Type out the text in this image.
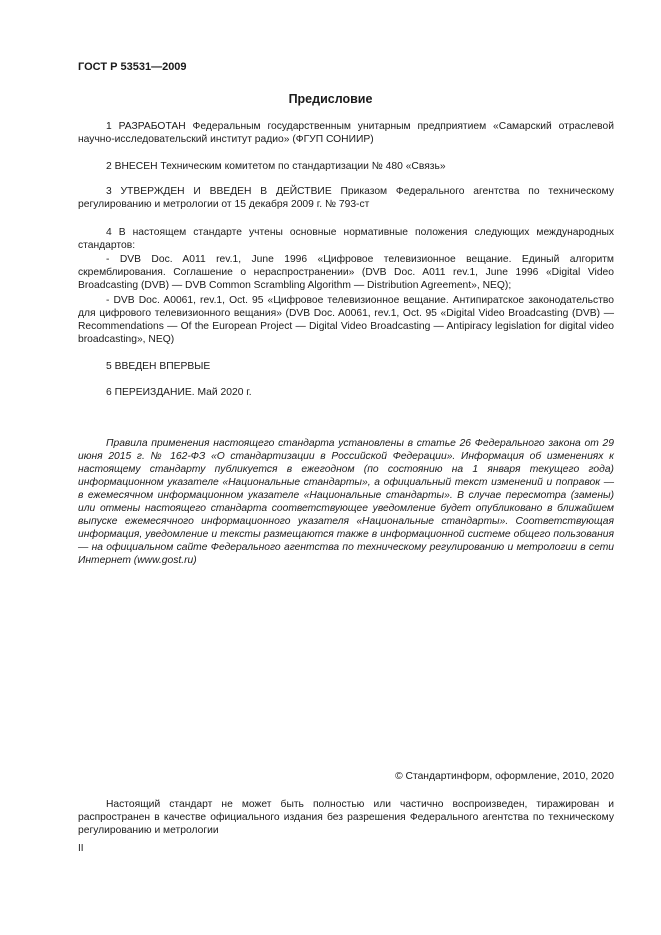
ГОСТ Р 53531—2009
Предисловие
1 РАЗРАБОТАН Федеральным государственным унитарным предприятием «Самарский отраслевой научно-исследовательский институт радио» (ФГУП СОНИИР)
2 ВНЕСЕН Техническим комитетом по стандартизации № 480 «Связь»
3 УТВЕРЖДЕН И ВВЕДЕН В ДЕЙСТВИЕ Приказом Федерального агентства по техническому регулированию и метрологии от 15 декабря 2009 г. № 793-ст
4 В настоящем стандарте учтены основные нормативные положения следующих международных стандартов:
- DVB Doc. A011 rev.1, June 1996 «Цифровое телевизионное вещание. Единый алгоритм скремблирования. Соглашение о нераспространении» (DVB Doc. A011 rev.1, June 1996 «Digital Video Broadcasting (DVB) — DVB Common Scrambling Algorithm — Distribution Agreement», NEQ);
- DVB Doc. A0061, rev.1, Oct. 95 «Цифровое телевизионное вещание. Антипиратское законодательство для цифрового телевизионного вещания» (DVB Doc. A0061, rev.1, Oct. 95 «Digital Video Broadcasting (DVB) — Recommendations — Of the European Project — Digital Video Broadcasting — Antipiracy legislation for digital video broadcasting», NEQ)
5 ВВЕДЕН ВПЕРВЫЕ
6 ПЕРЕИЗДАНИЕ. Май 2020 г.
Правила применения настоящего стандарта установлены в статье 26 Федерального закона от 29 июня 2015 г. № 162-ФЗ «О стандартизации в Российской Федерации». Информация об изменениях к настоящему стандарту публикуется в ежегодном (по состоянию на 1 января текущего года) информационном указателе «Национальные стандарты», а официальный текст изменений и поправок — в ежемесячном информационном указателе «Национальные стандарты». В случае пересмотра (замены) или отмены настоящего стандарта соответствующее уведомление будет опубликовано в ближайшем выпуске ежемесячного информационного указателя «Национальные стандарты». Соответствующая информация, уведомление и тексты размещаются также в информационной системе общего пользования — на официальном сайте Федерального агентства по техническому регулированию и метрологии в сети Интернет (www.gost.ru)
© Стандартинформ, оформление, 2010, 2020
Настоящий стандарт не может быть полностью или частично воспроизведен, тиражирован и распространен в качестве официального издания без разрешения Федерального агентства по техническому регулированию и метрологии
II
